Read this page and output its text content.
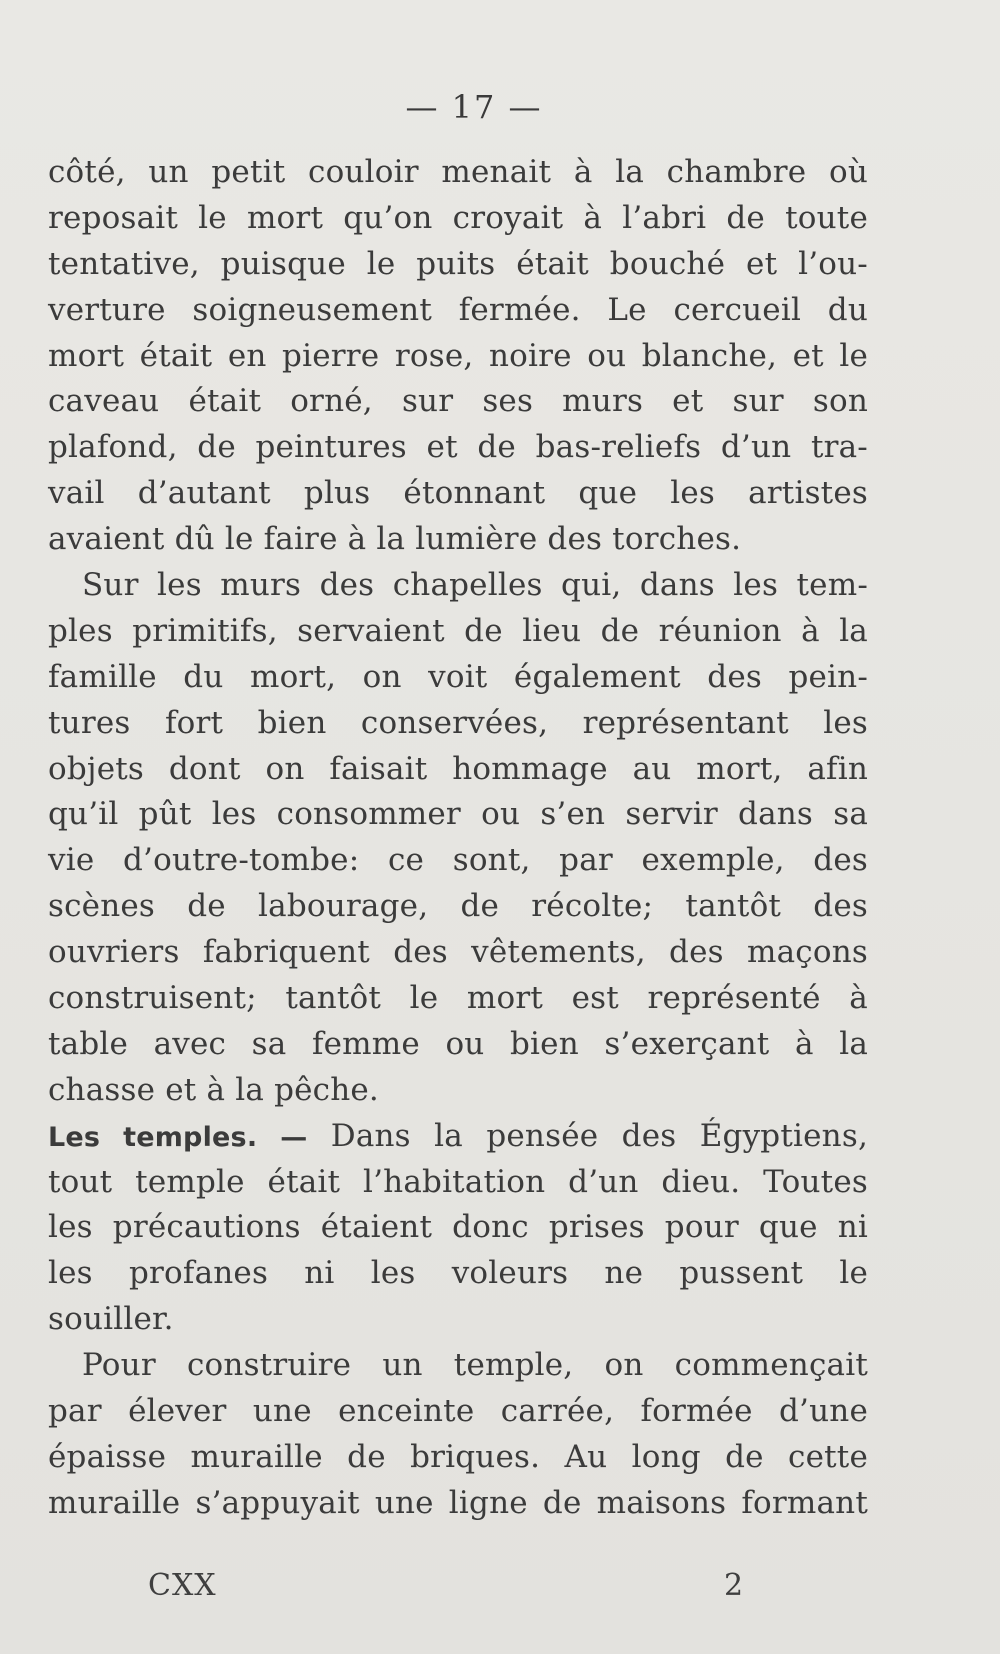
— 17 —
côté, un petit couloir menait à la chambre où
reposait le mort qu’on croyait à l’abri de toute
tentative, puisque le puits était bouché et l’ou-
verture soigneusement fermée. Le cercueil du
mort était en pierre rose, noire ou blanche, et le
caveau était orné, sur ses murs et sur son
plafond, de peintures et de bas-reliefs d’un tra-
vail d’autant plus étonnant que les artistes
avaient dû le faire à la lumière des torches.
Sur les murs des chapelles qui, dans les tem-
ples primitifs, servaient de lieu de réunion à la
famille du mort, on voit également des pein-
tures fort bien conservées, représentant les
objets dont on faisait hommage au mort, afin
qu’il pût les consommer ou s’en servir dans sa
vie d’outre-tombe: ce sont, par exemple, des
scènes de labourage, de récolte; tantôt des
ouvriers fabriquent des vêtements, des maçons
construisent; tantôt le mort est représenté à
table avec sa femme ou bien s’exerçant à la
chasse et à la pêche.
Les temples. — Dans la pensée des Égyptiens,
tout temple était l’habitation d’un dieu. Toutes
les précautions étaient donc prises pour que ni
les profanes ni les voleurs ne pussent le
souiller.
Pour construire un temple, on commençait
par élever une enceinte carrée, formée d’une
épaisse muraille de briques. Au long de cette
muraille s’appuyait une ligne de maisons formant
CXX	2
